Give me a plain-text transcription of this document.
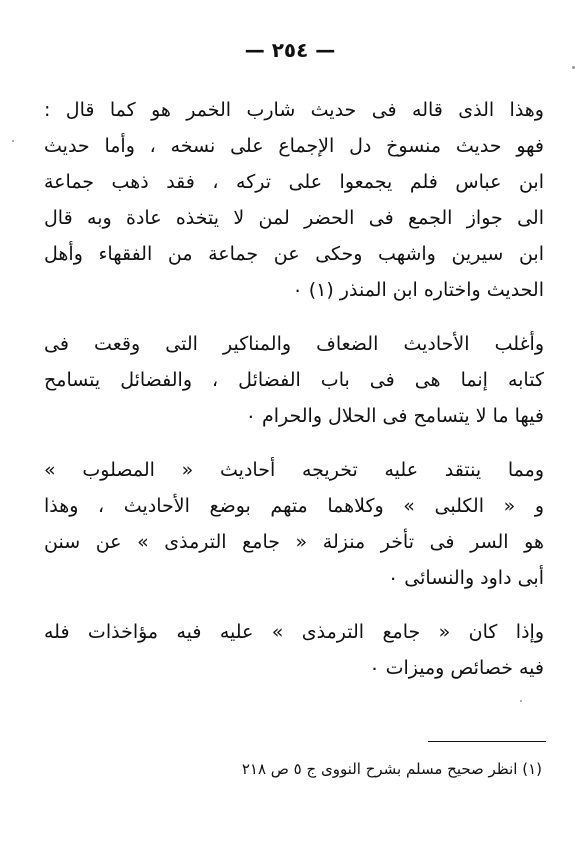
— ٢٥٤ —
وهذا الذى قاله فى حديث شارب الخمر هو كما قال :
فهو حديث منسوخ دل الإجماع على نسخه ، وأما حديث
ابن عباس فلم يجمعوا على تركه ، فقد ذهب جماعة
الى جواز الجمع فى الحضر لمن لا يتخذه عادة وبه قال
ابن سيرين واشهب وحكى عن جماعة من الفقهاء وأهل
الحديث واختاره ابن المنذر (١) ٠
وأغلب الأحاديث الضعاف والمناكير التى وقعت فى
كتابه إنما هى فى باب الفضائل ، والفضائل يتسامح
فيها ما لا يتسامح فى الحلال والحرام ٠
ومما ينتقد عليه تخريجه أحاديث « المصلوب »
و « الكلبى » وكلاهما متهم بوضع الأحاديث ، وهذا
هو السر فى تأخر منزلة « جامع الترمذى » عن سنن
أبى داود والنسائى ٠
وإذا كان « جامع الترمذى » عليه فيه مؤاخذات فله
فيه خصائص وميزات ٠
(١) انظر صحيح مسلم بشرح النووى ج ٥ ص ٢١٨
